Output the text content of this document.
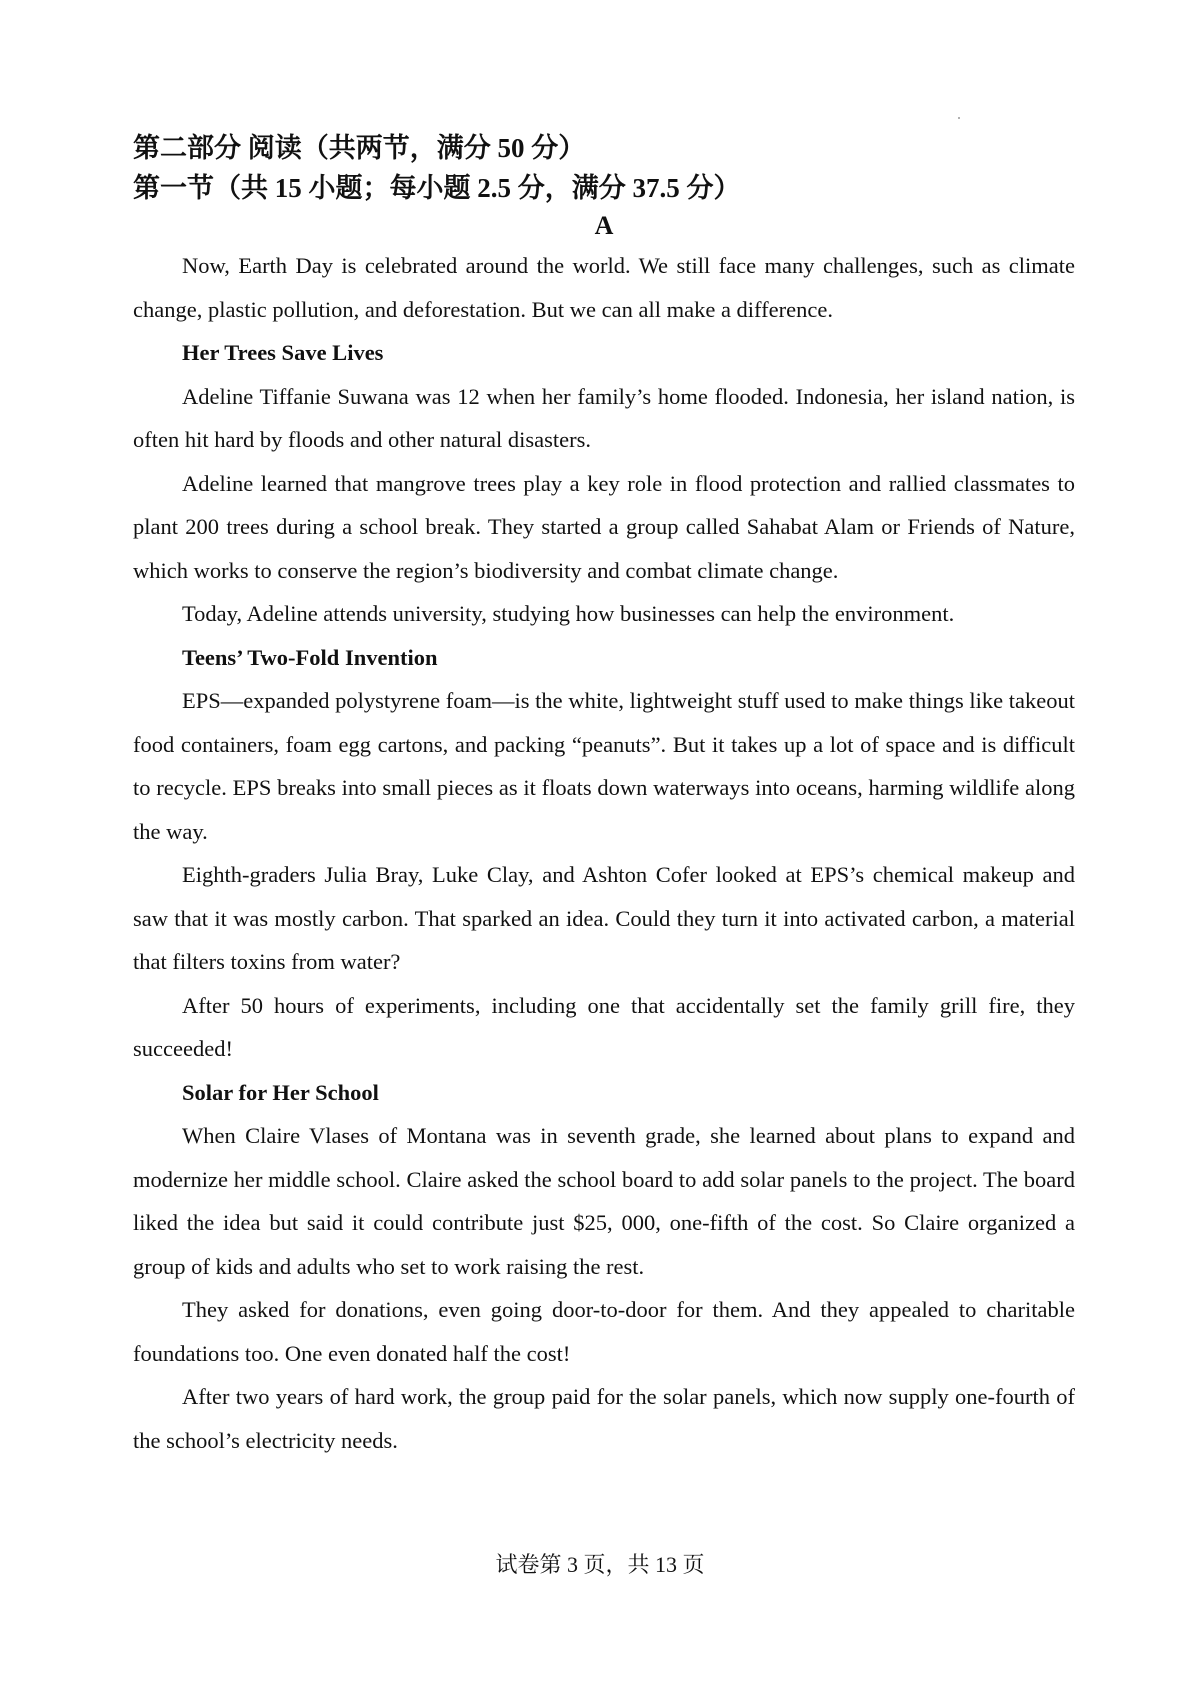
第二部分 阅读（共两节，满分 50 分）

第一节（共 15 小题；每小题 2.5 分，满分 37.5 分）

A

Now, Earth Day is celebrated around the world. We still face many challenges, such as climate change, plastic pollution, and deforestation. But we can all make a difference.

Her Trees Save Lives

Adeline Tiffanie Suwana was 12 when her family’s home flooded. Indonesia, her island nation, is often hit hard by floods and other natural disasters.

Adeline learned that mangrove trees play a key role in flood protection and rallied classmates to plant 200 trees during a school break. They started a group called Sahabat Alam or Friends of Nature, which works to conserve the region’s biodiversity and combat climate change.

Today, Adeline attends university, studying how businesses can help the environment.

Teens’ Two-Fold Invention

EPS—expanded polystyrene foam—is the white, lightweight stuff used to make things like takeout food containers, foam egg cartons, and packing “peanuts”. But it takes up a lot of space and is difficult to recycle. EPS breaks into small pieces as it floats down waterways into oceans, harming wildlife along the way.

Eighth-graders Julia Bray, Luke Clay, and Ashton Cofer looked at EPS’s chemical makeup and saw that it was mostly carbon. That sparked an idea. Could they turn it into activated carbon, a material that filters toxins from water?

After 50 hours of experiments, including one that accidentally set the family grill fire, they succeeded!

Solar for Her School

When Claire Vlases of Montana was in seventh grade, she learned about plans to expand and modernize her middle school. Claire asked the school board to add solar panels to the project. The board liked the idea but said it could contribute just $25, 000, one-fifth of the cost. So Claire organized a group of kids and adults who set to work raising the rest.

They asked for donations, even going door-to-door for them. And they appealed to charitable foundations too. One even donated half the cost!

After two years of hard work, the group paid for the solar panels, which now supply one-fourth of the school’s electricity needs.

试卷第 3 页，共 13 页
